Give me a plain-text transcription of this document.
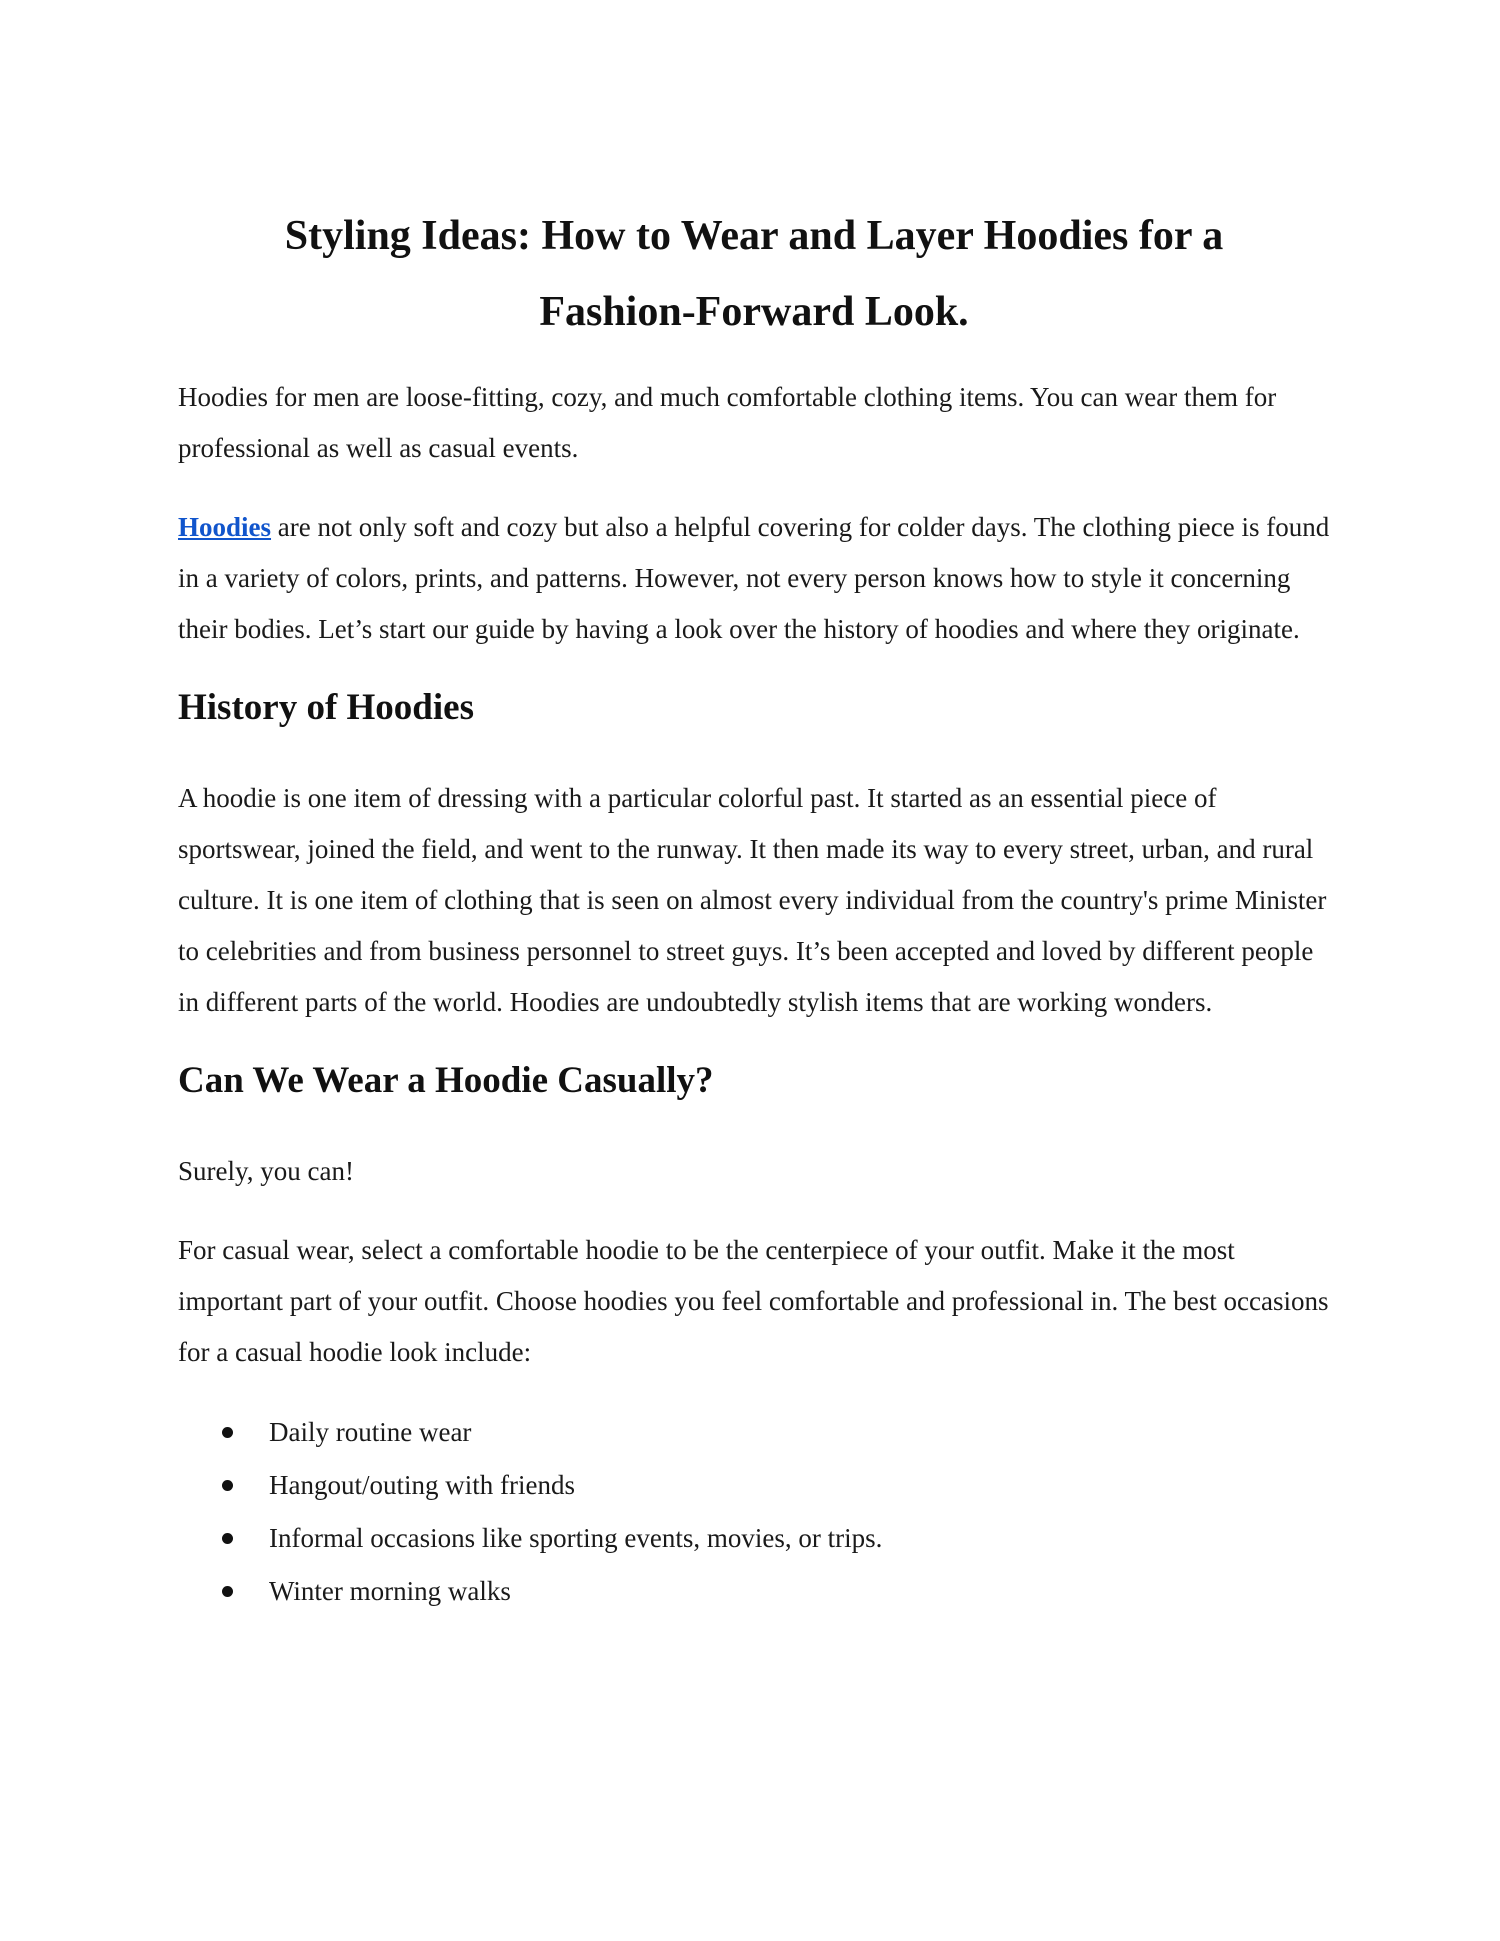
Styling Ideas: How to Wear and Layer Hoodies for a
Fashion-Forward Look.

Hoodies for men are loose-fitting, cozy, and much comfortable clothing items. You can wear them for professional as well as casual events.

Hoodies are not only soft and cozy but also a helpful covering for colder days. The clothing piece is found in a variety of colors, prints, and patterns. However, not every person knows how to style it concerning their bodies. Let’s start our guide by having a look over the history of hoodies and where they originate.

History of Hoodies

A hoodie is one item of dressing with a particular colorful past. It started as an essential piece of sportswear, joined the field, and went to the runway. It then made its way to every street, urban, and rural culture. It is one item of clothing that is seen on almost every individual from the country's prime Minister to celebrities and from business personnel to street guys. It’s been accepted and loved by different people in different parts of the world. Hoodies are undoubtedly stylish items that are working wonders.

Can We Wear a Hoodie Casually?

Surely, you can!

For casual wear, select a comfortable hoodie to be the centerpiece of your outfit. Make it the most important part of your outfit. Choose hoodies you feel comfortable and professional in. The best occasions for a casual hoodie look include:

Daily routine wear
Hangout/outing with friends
Informal occasions like sporting events, movies, or trips.
Winter morning walks
